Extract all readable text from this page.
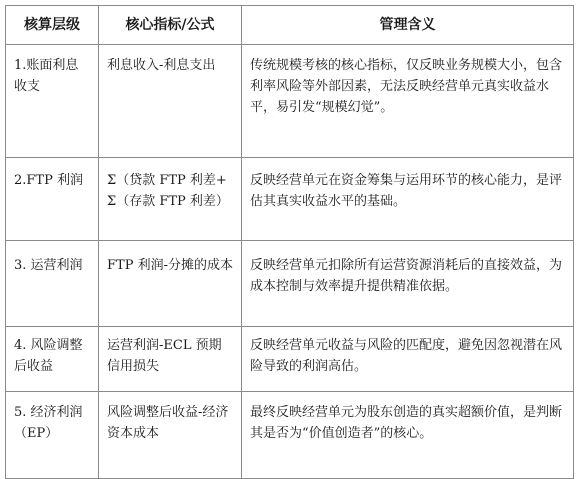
核算层级	核心指标/公式	管理含义
1.账面利息收支	利息收入-利息支出	传统规模考核的核心指标，仅反映业务规模大小，包含利率风险等外部因素，无法反映经营单元真实收益水平，易引发“规模幻觉”。
2.FTP 利润	Σ（贷款 FTP 利差+Σ（存款 FTP 利差）	反映经营单元在资金筹集与运用环节的核心能力，是评估其真实收益水平的基础。
3. 运营利润	FTP 利润-分摊的成本	反映经营单元扣除所有运营资源消耗后的直接效益，为成本控制与效率提升提供精准依据。
4. 风险调整后收益	运营利润-ECL 预期信用损失	反映经营单元收益与风险的匹配度，避免因忽视潜在风险导致的利润高估。
5. 经济利润（EP）	风险调整后收益-经济资本成本	最终反映经营单元为股东创造的真实超额价值，是判断其是否为“价值创造者”的核心。
